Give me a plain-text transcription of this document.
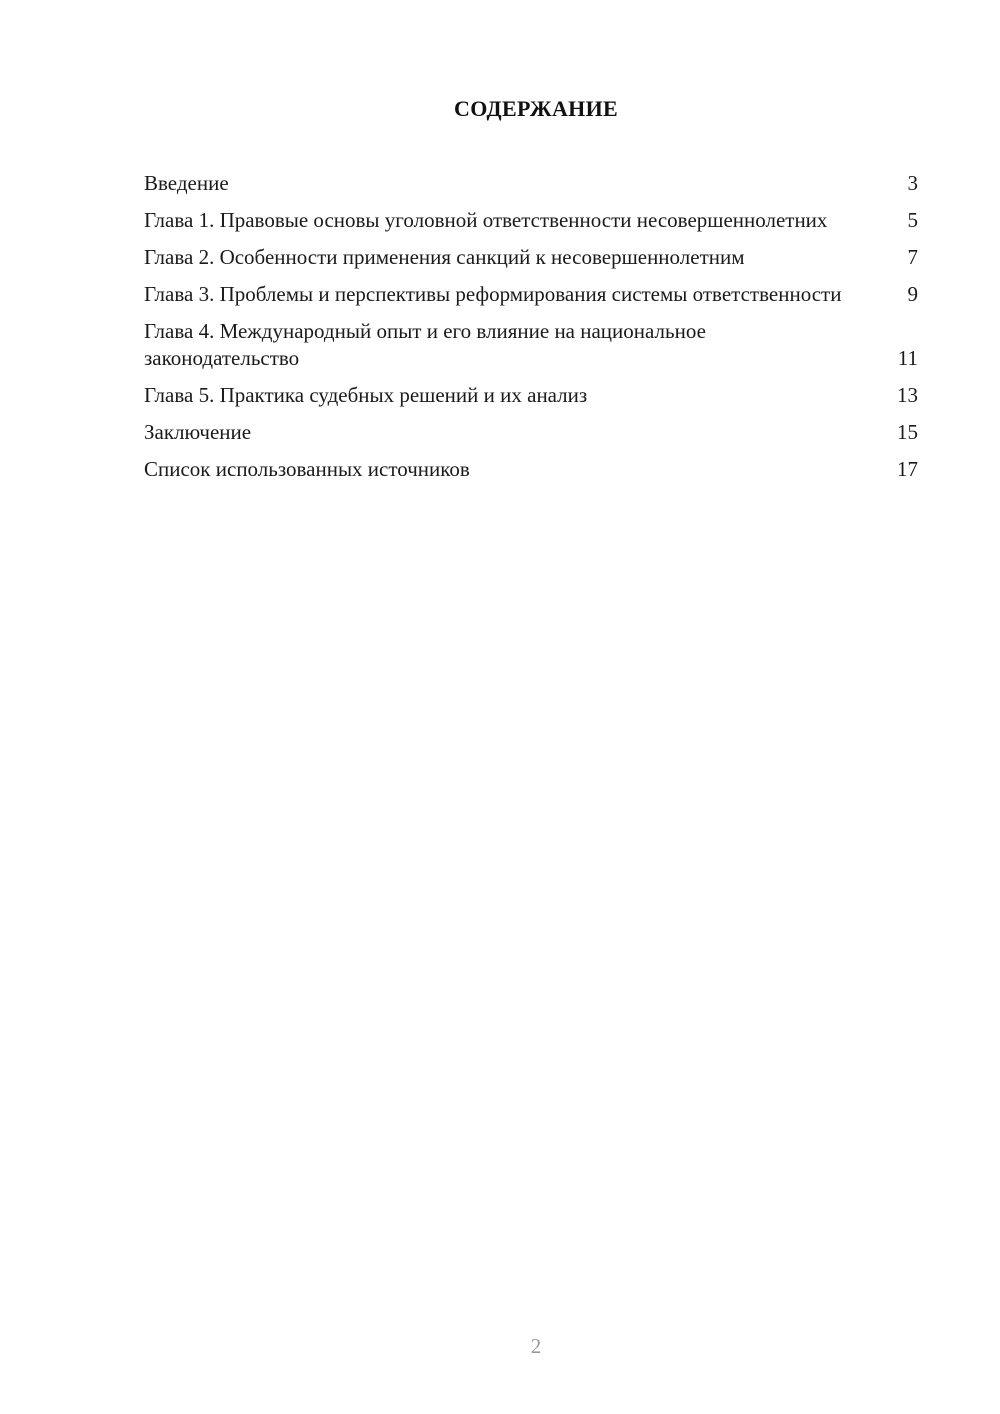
СОДЕРЖАНИЕ
Введение	3
Глава 1. Правовые основы уголовной ответственности несовершеннолетних	5
Глава 2. Особенности применения санкций к несовершеннолетним	7
Глава 3. Проблемы и перспективы реформирования системы ответственности	9
Глава 4. Международный опыт и его влияние на национальное законодательство	11
Глава 5. Практика судебных решений и их анализ	13
Заключение	15
Список использованных источников	17
2
